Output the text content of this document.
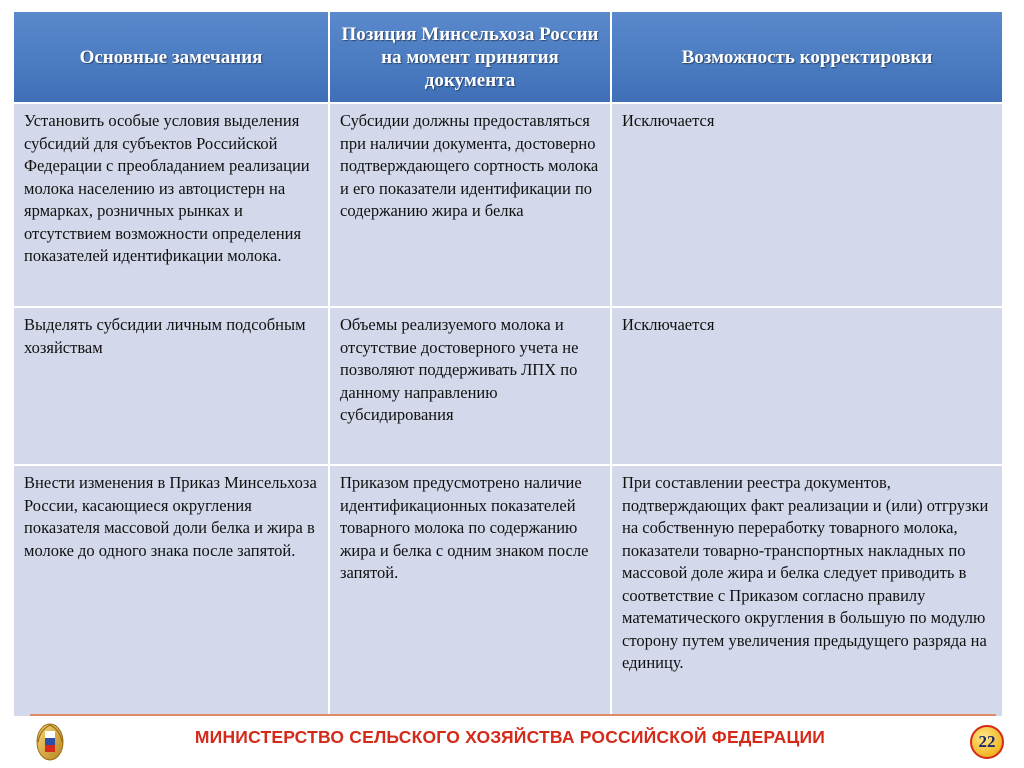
Основные замечания	Позиция Минсельхоза России на момент принятия документа	Возможность корректировки
Установить особые условия выделения субсидий для субъектов Российской Федерации с преобладанием реализации молока населению из автоцистерн на ярмарках, розничных рынках и отсутствием возможности определения показателей идентификации молока.	Субсидии должны предоставляться при наличии документа, достоверно подтверждающего сортность молока и его показатели идентификации по содержанию жира и белка	Исключается
Выделять субсидии личным подсобным хозяйствам	Объемы реализуемого молока и отсутствие достоверного учета не позволяют поддерживать ЛПХ по данному направлению субсидирования	Исключается
Внести изменения в Приказ Минсельхоза России, касающиеся округления показателя массовой доли белка и жира в молоке до одного знака после запятой.	Приказом предусмотрено наличие идентификационных показателей товарного молока по содержанию жира и белка с одним знаком после запятой.	При составлении реестра документов, подтверждающих факт реализации и (или) отгрузки на собственную переработку товарного молока, показатели товарно-транспортных накладных по массовой доле жира и белка следует приводить в соответствие с Приказом согласно правилу математического округления в большую по модулю сторону путем увеличения предыдущего разряда на единицу.
МИНИСТЕРСТВО СЕЛЬСКОГО ХОЗЯЙСТВА РОССИЙСКОЙ ФЕДЕРАЦИИ	22
